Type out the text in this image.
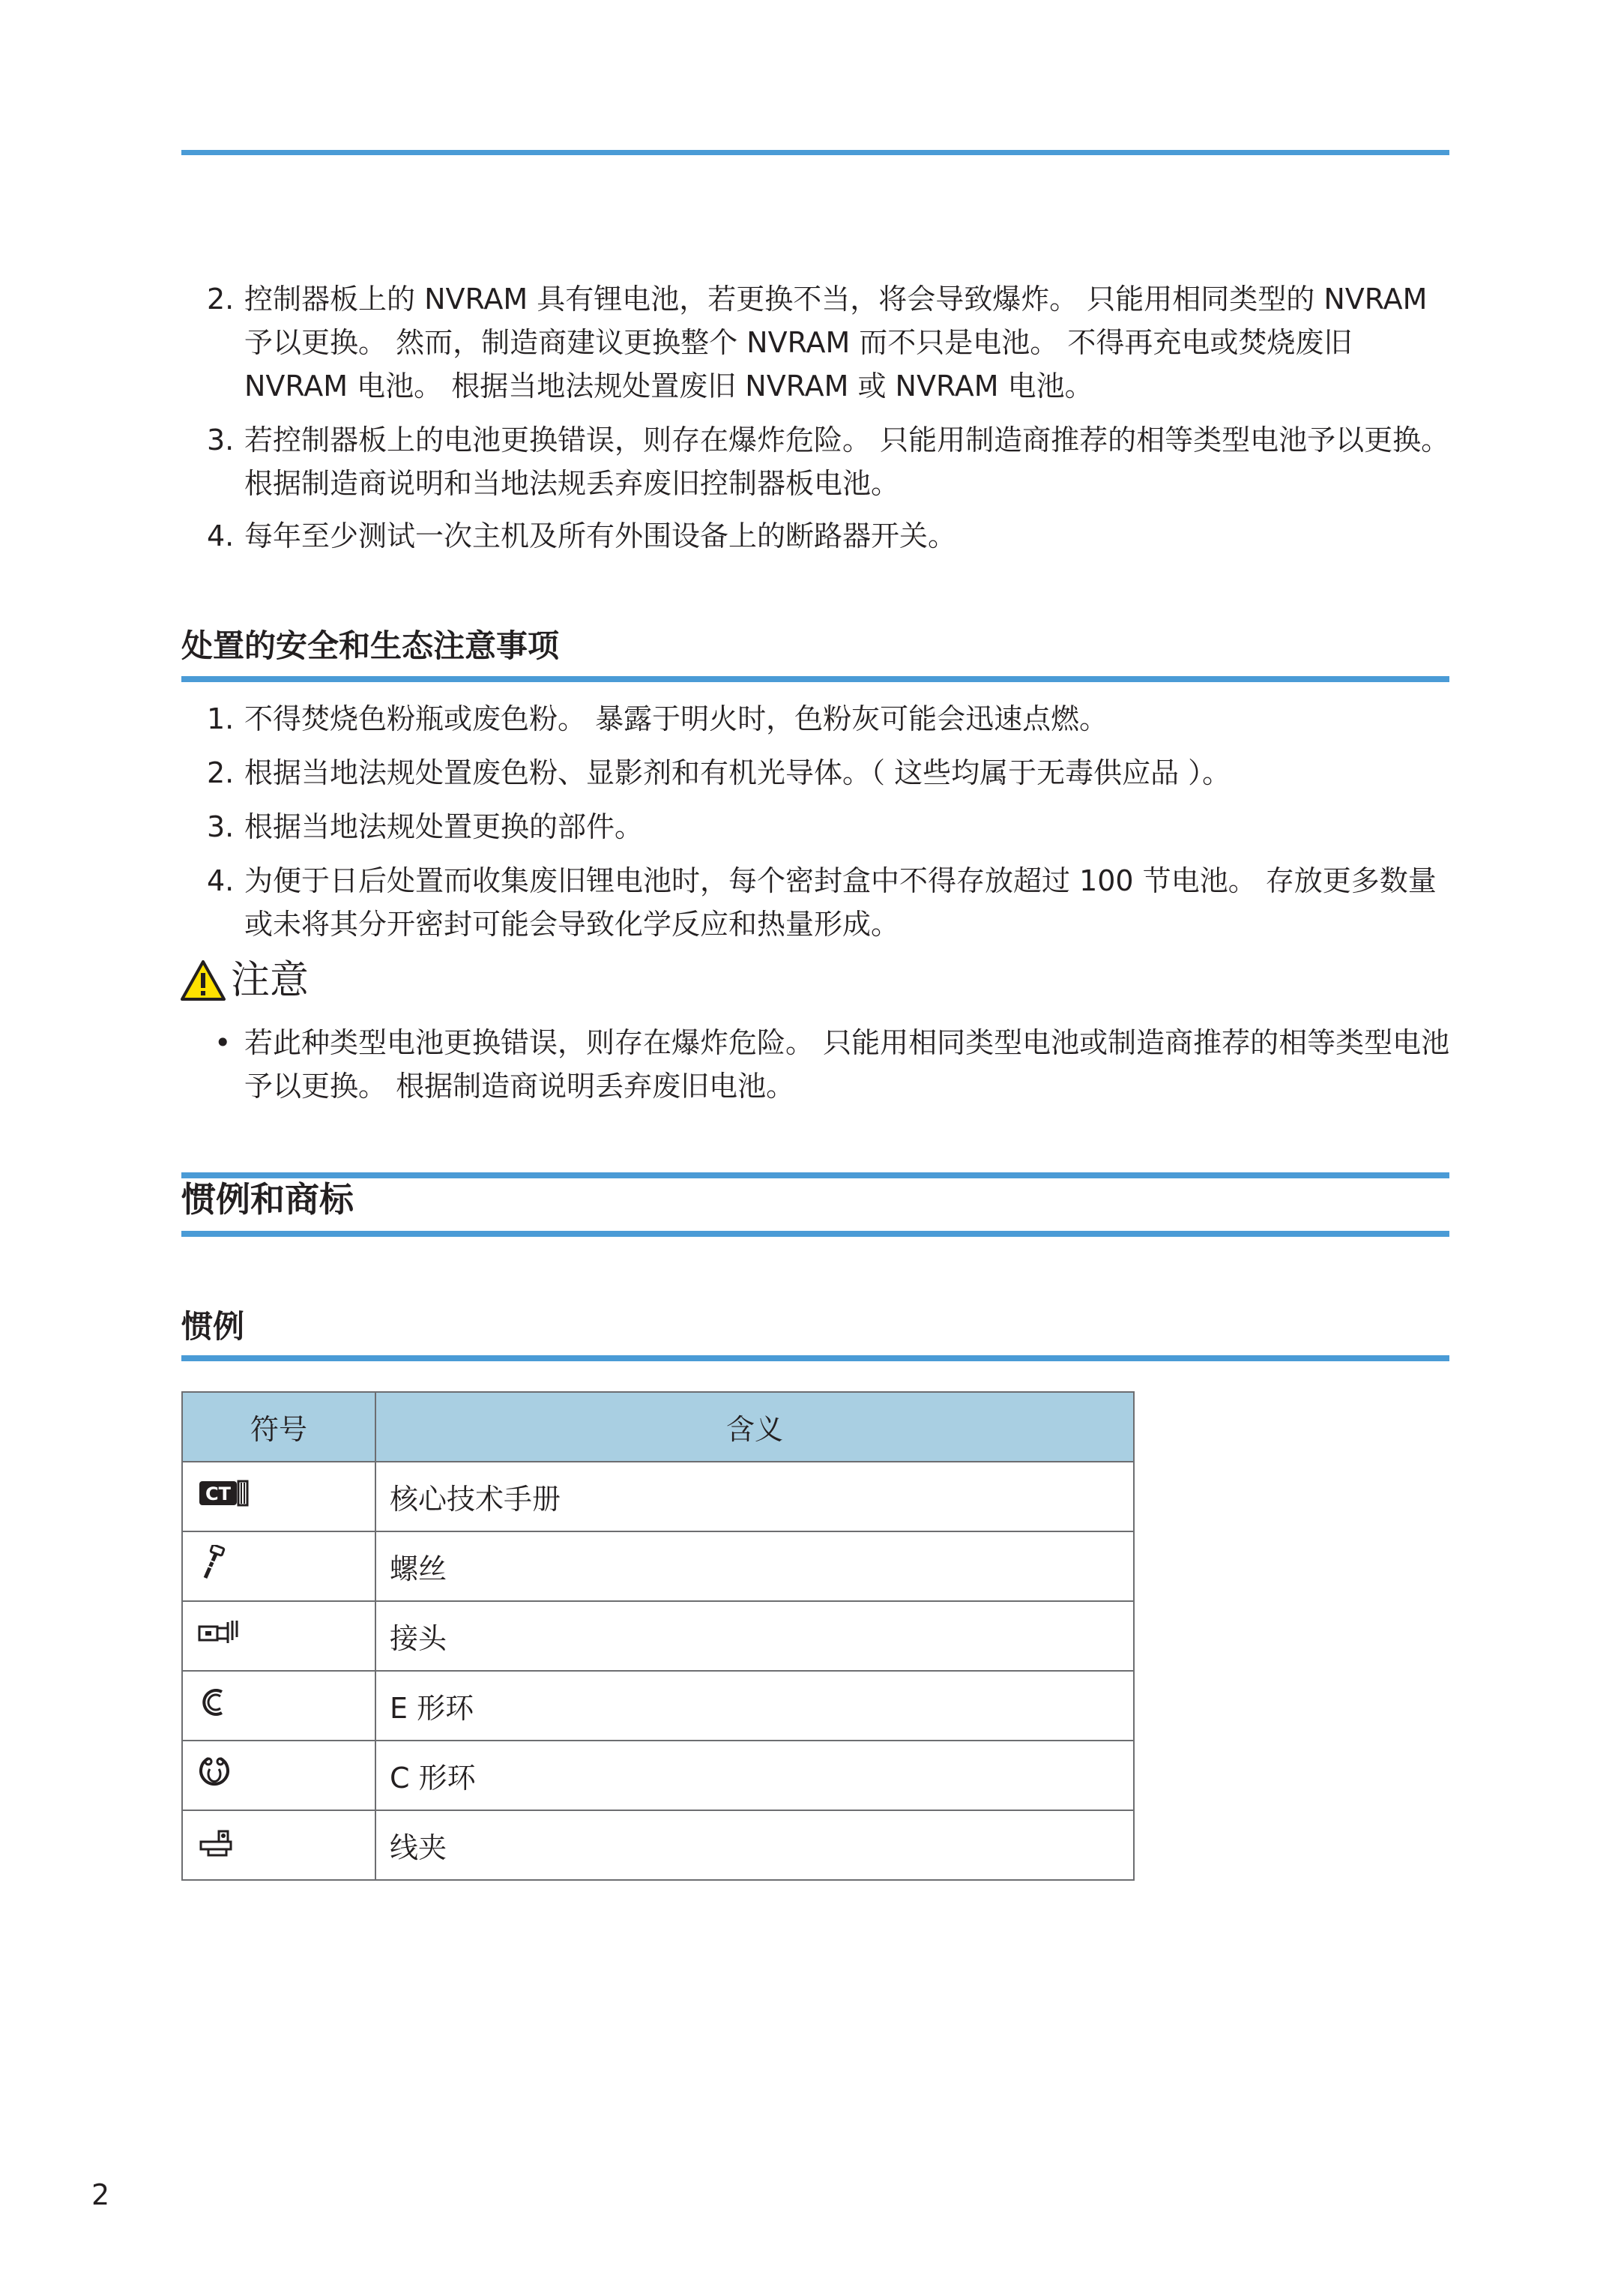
2. 控制器板上的 NVRAM 具有锂电池，若更换不当，将会导致爆炸。 只能用相同类型的 NVRAM 予以更换。 然而，制造商建议更换整个 NVRAM 而不只是电池。 不得再充电或焚烧废旧 NVRAM 电池。 根据当地法规处置废旧 NVRAM 或 NVRAM 电池。
3. 若控制器板上的电池更换错误，则存在爆炸危险。 只能用制造商推荐的相等类型电池予以更换。 根据制造商说明和当地法规丢弃废旧控制器板电池。
4. 每年至少测试一次主机及所有外围设备上的断路器开关。
处置的安全和生态注意事项
1. 不得焚烧色粉瓶或废色粉。 暴露于明火时，色粉灰可能会迅速点燃。
2. 根据当地法规处置废色粉、显影剂和有机光导体。（ 这些均属于无毒供应品 ）。
3. 根据当地法规处置更换的部件。
4. 为便于日后处置而收集废旧锂电池时，每个密封盒中不得存放超过 100 节电池。 存放更多数量或未将其分开密封可能会导致化学反应和热量形成。
注意
• 若此种类型电池更换错误，则存在爆炸危险。 只能用相同类型电池或制造商推荐的相等类型电池予以更换。 根据制造商说明丢弃废旧电池。
惯例和商标
惯例
符号	含义

CT	核心技术手册
	螺丝
	接头
	E 形环
	C 形环
	线夹
2
